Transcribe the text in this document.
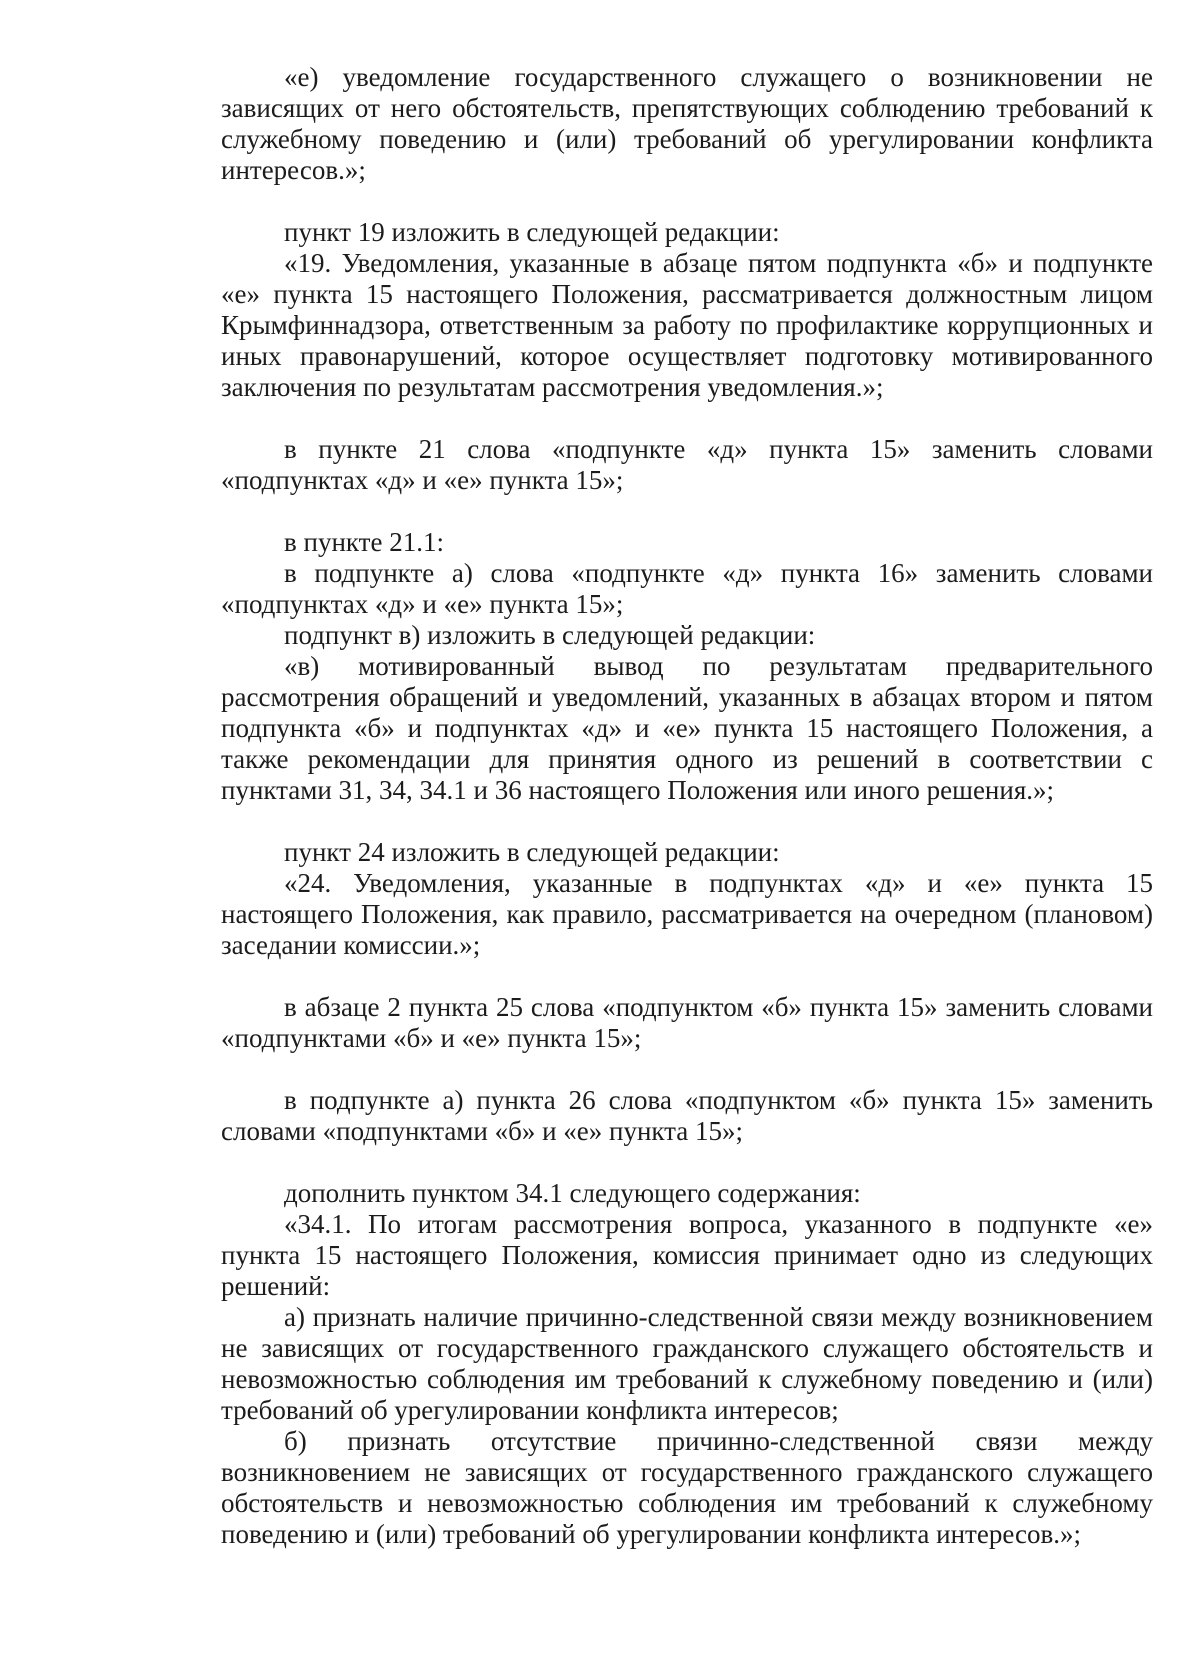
«е) уведомление государственного служащего о возникновении не зависящих от него обстоятельств, препятствующих соблюдению требований к служебному поведению и (или) требований об урегулировании конфликта интересов.»;

пункт 19 изложить в следующей редакции:

«19. Уведомления, указанные в абзаце пятом подпункта «б» и подпункте «е» пункта 15 настоящего Положения, рассматривается должностным лицом Крымфиннадзора, ответственным за работу по профилактике коррупционных и иных правонарушений, которое осуществляет подготовку мотивированного заключения по результатам рассмотрения уведомления.»;

в пункте 21 слова «подпункте «д» пункта 15» заменить словами «подпунктах «д» и «е» пункта 15»;

в пункте 21.1:

в подпункте а) слова «подпункте «д» пункта 16» заменить словами «подпунктах «д» и «е» пункта 15»;

подпункт в) изложить в следующей редакции:

«в) мотивированный вывод по результатам предварительного рассмотрения обращений и уведомлений, указанных в абзацах втором и пятом подпункта «б» и подпунктах «д» и «е» пункта 15 настоящего Положения, а также рекомендации для принятия одного из решений в соответствии с пунктами 31, 34, 34.1 и 36 настоящего Положения или иного решения.»;

пункт 24 изложить в следующей редакции:

«24. Уведомления, указанные в подпунктах «д» и «е» пункта 15 настоящего Положения, как правило, рассматривается на очередном (плановом) заседании комиссии.»;

в абзаце 2 пункта 25 слова «подпунктом «б» пункта 15» заменить словами «подпунктами «б» и «е» пункта 15»;

в подпункте а) пункта 26 слова «подпунктом «б» пункта 15» заменить словами «подпунктами «б» и «е» пункта 15»;

дополнить пунктом 34.1 следующего содержания:

«34.1. По итогам рассмотрения вопроса, указанного в подпункте «е» пункта 15 настоящего Положения, комиссия принимает одно из следующих решений:

а) признать наличие причинно-следственной связи между возникновением не зависящих от государственного гражданского служащего обстоятельств и невозможностью соблюдения им требований к служебному поведению и (или) требований об урегулировании конфликта интересов;

б) признать отсутствие причинно-следственной связи между возникновением не зависящих от государственного гражданского служащего обстоятельств и невозможностью соблюдения им требований к служебному поведению и (или) требований об урегулировании конфликта интересов.»;
